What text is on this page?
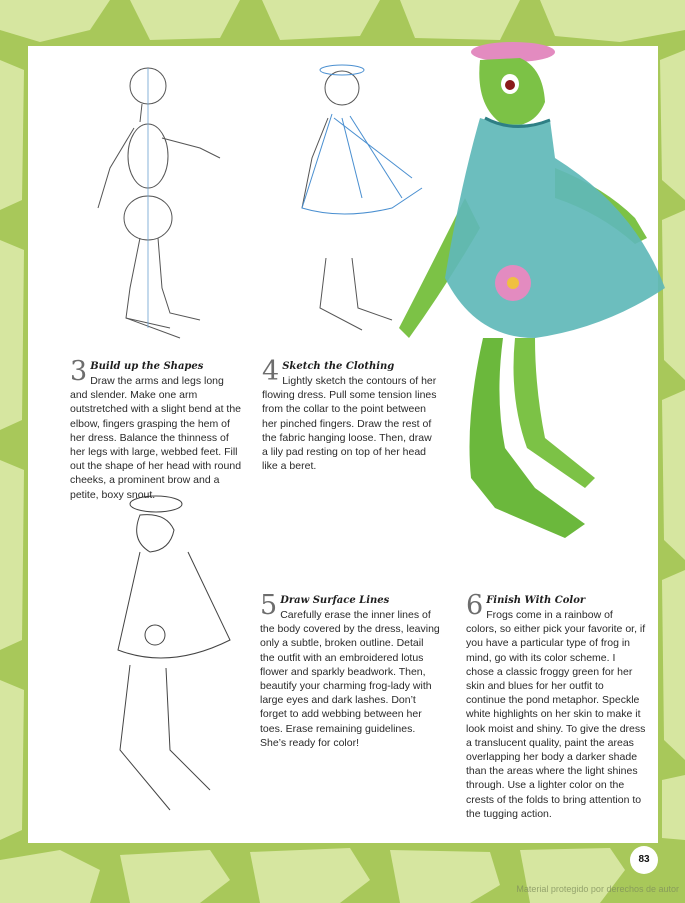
3 Build up the Shapes
Draw the arms and legs long and slender. Make one arm outstretched with a slight bend at the elbow, fingers grasping the hem of her dress. Balance the thinness of her legs with large, webbed feet. Fill out the shape of her head with round cheeks, a prominent brow and a petite, boxy snout.
4 Sketch the Clothing
Lightly sketch the contours of her flowing dress. Pull some tension lines from the collar to the point between her pinched fingers. Draw the rest of the fabric hanging loose. Then, draw a lily pad resting on top of her head like a beret.
5 Draw Surface Lines
Carefully erase the inner lines of the body covered by the dress, leaving only a subtle, broken outline. Detail the outfit with an embroidered lotus flower and sparkly beadwork. Then, beautify your charming frog-lady with large eyes and dark lashes. Don’t forget to add webbing between her toes. Erase remaining guidelines. She’s ready for color!
6 Finish With Color
Frogs come in a rainbow of colors, so either pick your favorite or, if you have a particular type of frog in mind, go with its color scheme. I chose a classic froggy green for her skin and blues for her outfit to continue the pond metaphor. Speckle white highlights on her skin to make it look moist and shiny. To give the dress a translucent quality, paint the areas overlapping her body a darker shade than the areas where the light shines through. Use a lighter color on the crests of the folds to bring attention to the tugging action.
83
Material protegido por derechos de autor
